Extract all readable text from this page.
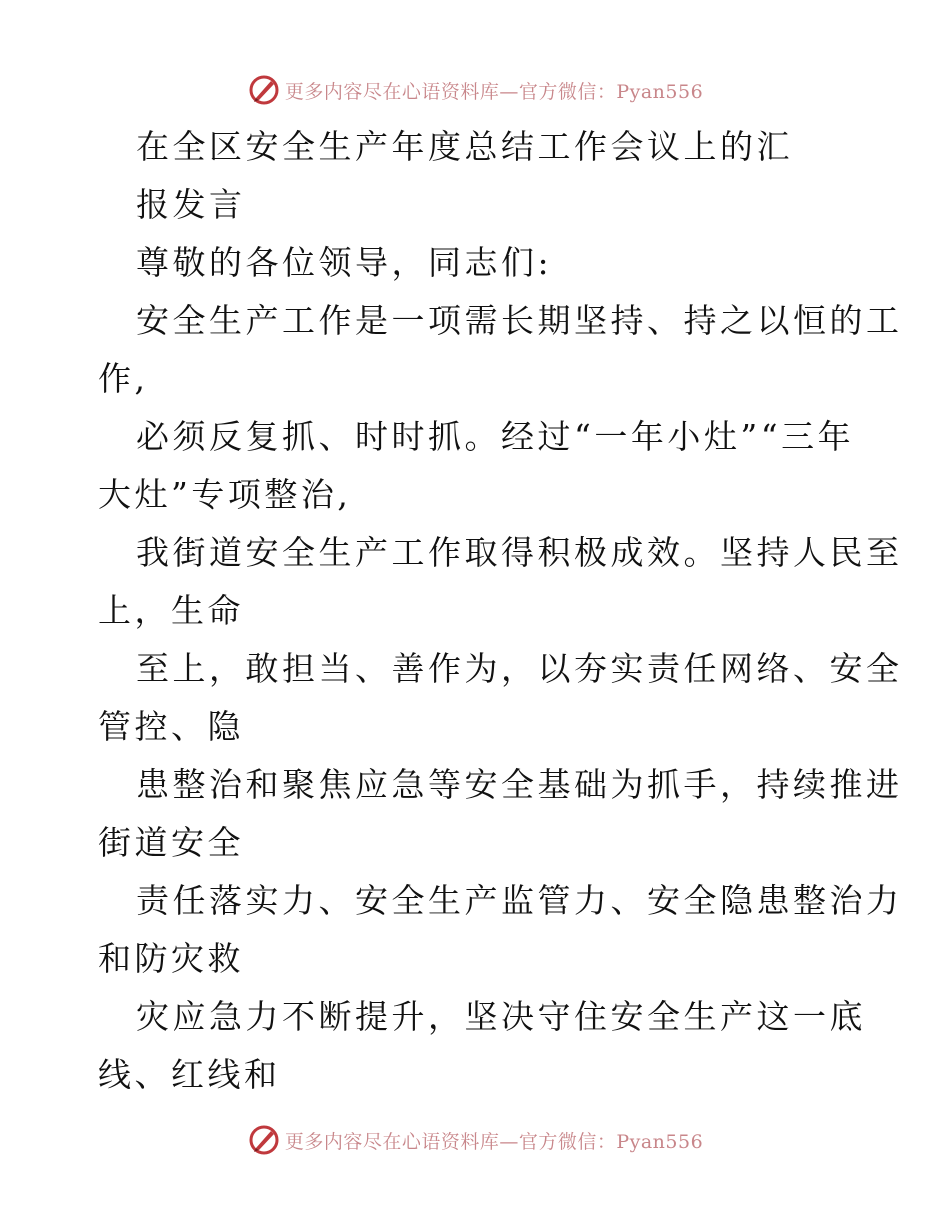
更多内容尽在心语资料库—官方微信：Pyan556
在全区安全生产年度总结工作会议上的汇
报发言
尊敬的各位领导，同志们:
安全生产工作是一项需长期坚持、持之以恒的工
作,
必须反复抓、时时抓。经过“一年小灶”“三年
大灶”专项整治,
我街道安全生产工作取得积极成效。坚持人民至
上，生命
至上，敢担当、善作为，以夯实责任网络、安全
管控、隐
患整治和聚焦应急等安全基础为抓手，持续推进
街道安全
责任落实力、安全生产监管力、安全隐患整治力
和防灾救
灾应急力不断提升，坚决守住安全生产这一底
线、红线和
更多内容尽在心语资料库—官方微信：Pyan556
